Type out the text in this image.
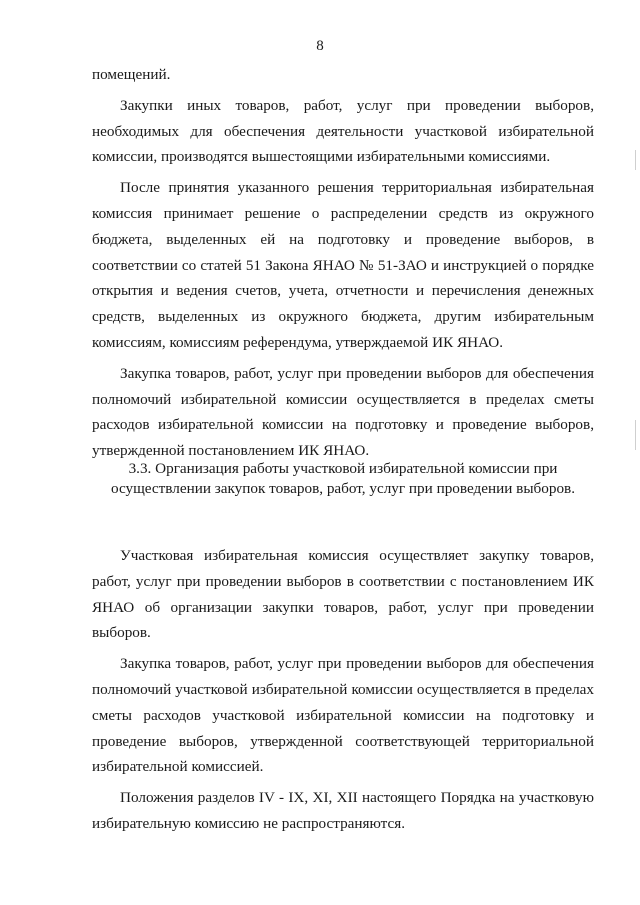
8

помещений.

Закупки иных товаров, работ, услуг при проведении выборов, необходимых для обеспечения деятельности участковой избирательной комиссии, производятся вышестоящими избирательными комиссиями.

После принятия указанного решения территориальная избирательная комиссия принимает решение о распределении средств из окружного бюджета, выделенных ей на подготовку и проведение выборов, в соответствии со статей 51 Закона ЯНАО № 51-ЗАО и инструкцией о порядке открытия и ведения счетов, учета, отчетности и перечисления денежных средств, выделенных из окружного бюджета, другим избирательным комиссиям, комиссиям референдума, утверждаемой ИК ЯНАО.

Закупка товаров, работ, услуг при проведении выборов для обеспечения полномочий избирательной комиссии осуществляется в пределах сметы расходов избирательной комиссии на подготовку и проведение выборов, утвержденной постановлением ИК ЯНАО.

3.3. Организация работы участковой избирательной комиссии при
осуществлении закупок товаров, работ, услуг при проведении выборов.

Участковая избирательная комиссия осуществляет закупку товаров, работ, услуг при проведении выборов в соответствии с постановлением ИК ЯНАО об организации закупки товаров, работ, услуг при проведении выборов.

Закупка товаров, работ, услуг при проведении выборов для обеспечения полномочий участковой избирательной комиссии осуществляется в пределах сметы расходов участковой избирательной комиссии на подготовку и проведение выборов, утвержденной соответствующей территориальной избирательной комиссией.

Положения разделов IV - IX, XI, XII настоящего Порядка на участковую избирательную комиссию не распространяются.
